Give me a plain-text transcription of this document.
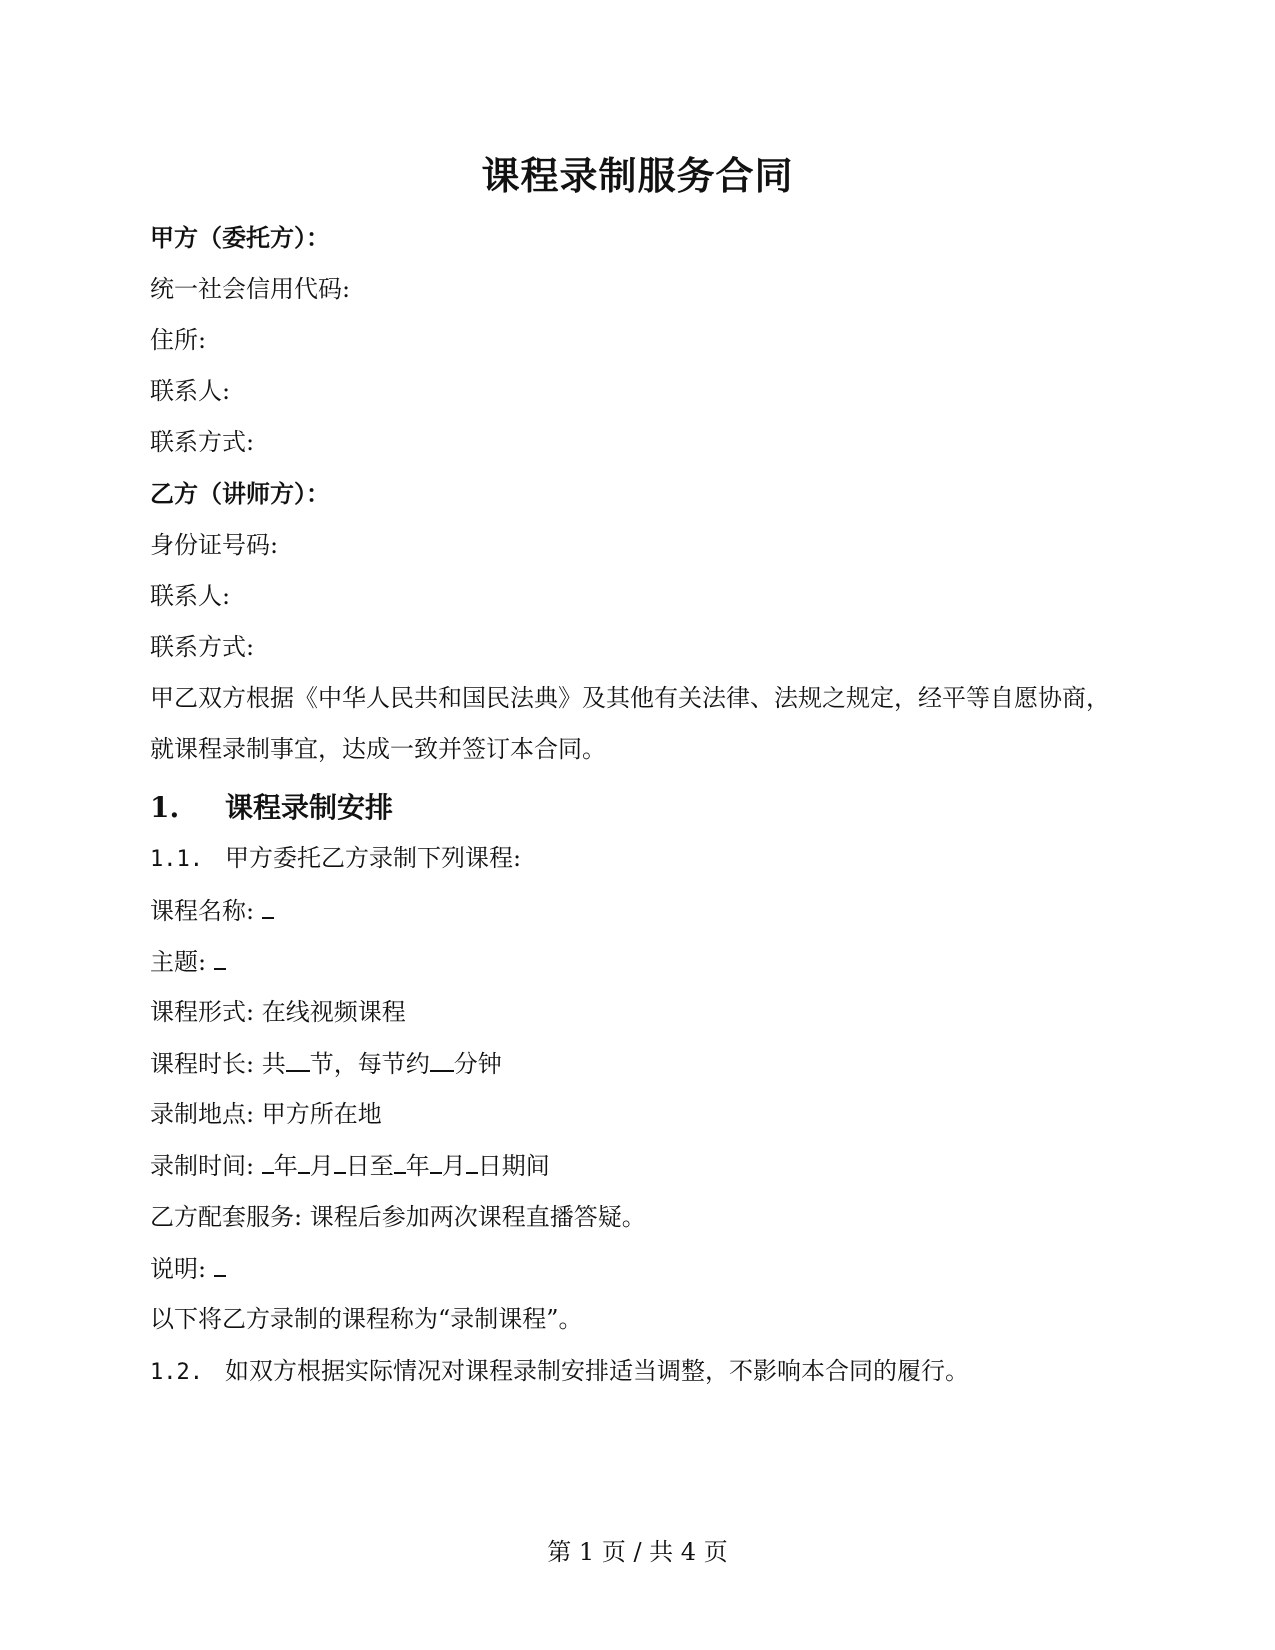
课程录制服务合同
甲方（委托方）：
统一社会信用代码:
住所:
联系人:
联系方式:
乙方（讲师方）：
身份证号码:
联系人:
联系方式:
甲乙双方根据《中华人民共和国民法典》及其他有关法律、法规之规定，经平等自愿协商，
就课程录制事宜，达成一致并签订本合同。
1. 课程录制安排
1.1. 甲方委托乙方录制下列课程:
课程名称:
主题:
课程形式: 在线视频课程
课程时长: 共 节，每节约 分钟
录制地点: 甲方所在地
录制时间: 年 月 日至 年 月 日期间
乙方配套服务: 课程后参加两次课程直播答疑。
说明:
以下将乙方录制的课程称为“录制课程”。
1.2. 如双方根据实际情况对课程录制安排适当调整，不影响本合同的履行。
第 1 页 / 共 4 页
